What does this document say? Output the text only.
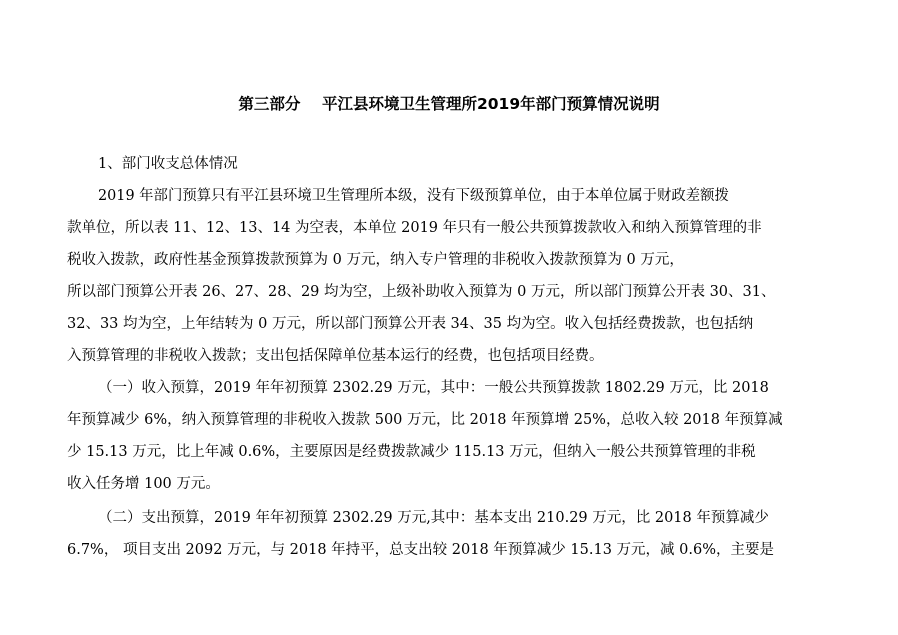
第三部分    平江县环境卫生管理所2019年部门预算情况说明
1、部门收支总体情况
2019 年部门预算只有平江县环境卫生管理所本级，没有下级预算单位，由于本单位属于财政差额拨
款单位，所以表 11、12、13、14 为空表，本单位 2019 年只有一般公共预算拨款收入和纳入预算管理的非
税收入拨款，政府性基金预算拨款预算为 0 万元，纳入专户管理的非税收入拨款预算为 0 万元，
所以部门预算公开表 26、27、28、29 均为空，上级补助收入预算为 0 万元，所以部门预算公开表 30、31、
32、33 均为空，上年结转为 0 万元，所以部门预算公开表 34、35 均为空。收入包括经费拨款，也包括纳
入预算管理的非税收入拨款；支出包括保障单位基本运行的经费，也包括项目经费。
（一）收入预算，2019 年年初预算 2302.29 万元，其中：一般公共预算拨款 1802.29 万元，比 2018
年预算减少 6%，纳入预算管理的非税收入拨款 500 万元，比 2018 年预算增 25%，总收入较 2018 年预算减
少 15.13 万元，比上年减 0.6%，主要原因是经费拨款减少 115.13 万元，但纳入一般公共预算管理的非税
收入任务增 100 万元。
（二）支出预算，2019 年年初预算 2302.29 万元,其中：基本支出 210.29 万元，比 2018 年预算减少
6.7%， 项目支出 2092 万元，与 2018 年持平，总支出较 2018 年预算减少 15.13 万元，减 0.6%，主要是
